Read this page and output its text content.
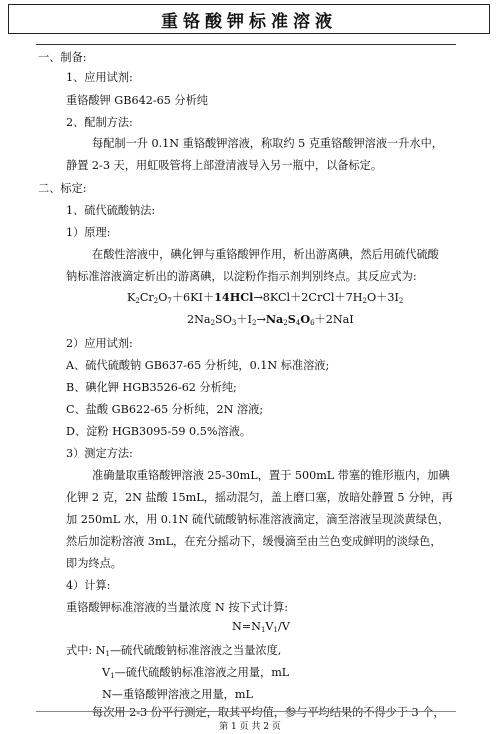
重铬酸钾标准溶液
一、制备:
1、应用试剂:
重铬酸钾 GB642-65 分析纯
2、配制方法:
每配制一升 0.1N 重铬酸钾溶液，称取约 5 克重铬酸钾溶液一升水中，
静置 2-3 天，用虹吸管将上部澄清液导入另一瓶中，以备标定。
二、标定:
1、硫代硫酸钠法:
1）原理:
在酸性溶液中，碘化钾与重铬酸钾作用，析出游离碘，然后用硫代硫酸
钠标准溶液滴定析出的游离碘，以淀粉作指示剂判别终点。其反应式为:
$K_2Cr_2O_7+6KI+14HCl\to 8KCl+2CrCl+7H_2O+3I_2$
$2Na_2SO_3+I_2\to Na_2S_4O_6+2NaI$
2）应用试剂:
A、硫代硫酸钠 GB637-65 分析纯，0.1N 标准溶液;
B、碘化钾 HGB3526-62 分析纯;
C、盐酸 GB622-65 分析纯，2N 溶液;
D、淀粉 HGB3095-59 0.5%溶液。
3）测定方法:
准确量取重铬酸钾溶液 25-30mL，置于 500mL 带塞的锥形瓶内，加碘
化钾 2 克，2N 盐酸 15mL，摇动混匀，盖上磨口塞，放暗处静置 5 分钟，再
加 250mL 水，用 0.1N 硫代硫酸钠标准溶液滴定，滴至溶液呈现淡黄绿色，
然后加淀粉溶液 3mL，在充分摇动下，缓慢滴至由兰色变成鲜明的淡绿色，
即为终点。
4）计算:
重铬酸钾标准溶液的当量浓度 N 按下式计算:
$N=N_1V_1/V$
式中: $N_1—$硫代硫酸钠标准溶液之当量浓度,
$V_1—$硫代硫酸钠标准溶液之用量，mL
N—重铬酸钾溶液之用量，mL
每次用 2-3 份平行测定，取其平均值，参与平均结果的不得少于 3 个，
第 1 页 共 2 页
